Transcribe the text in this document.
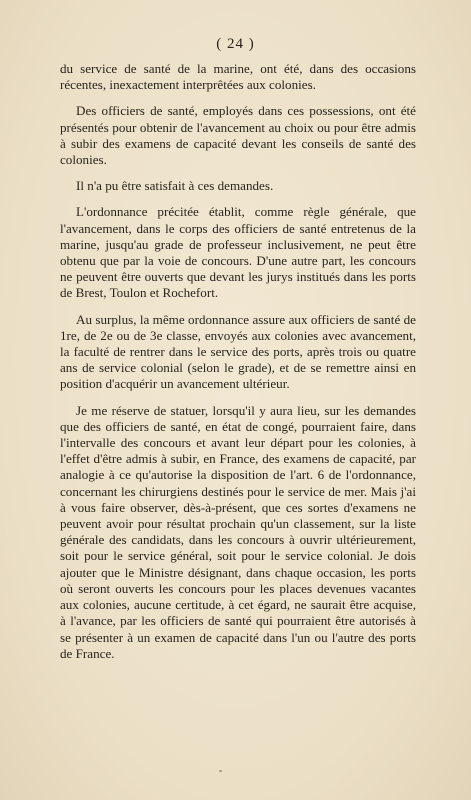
( 24 )

du service de santé de la marine, ont été, dans des occasions récentes, inexactement interprêtées aux colonies.

Des officiers de santé, employés dans ces possessions, ont été présentés pour obtenir de l'avancement au choix ou pour être admis à subir des examens de capacité devant les conseils de santé des colonies.

Il n'a pu être satisfait à ces demandes.

L'ordonnance précitée établit, comme règle générale, que l'avancement, dans le corps des officiers de santé entretenus de la marine, jusqu'au grade de professeur inclusivement, ne peut être obtenu que par la voie de concours. D'une autre part, les concours ne peuvent être ouverts que devant les jurys institués dans les ports de Brest, Toulon et Rochefort.

Au surplus, la même ordonnance assure aux officiers de santé de 1re, de 2e ou de 3e classe, envoyés aux colonies avec avancement, la faculté de rentrer dans le service des ports, après trois ou quatre ans de service colonial (selon le grade), et de se remettre ainsi en position d'acquérir un avancement ultérieur.

Je me réserve de statuer, lorsqu'il y aura lieu, sur les demandes que des officiers de santé, en état de congé, pourraient faire, dans l'intervalle des concours et avant leur départ pour les colonies, à l'effet d'être admis à subir, en France, des examens de capacité, par analogie à ce qu'autorise la disposition de l'art. 6 de l'ordonnance, concernant les chirurgiens destinés pour le service de mer. Mais j'ai à vous faire observer, dès-à-présent, que ces sortes d'examens ne peuvent avoir pour résultat prochain qu'un classement, sur la liste générale des candidats, dans les concours à ouvrir ultérieurement, soit pour le service général, soit pour le service colonial. Je dois ajouter que le Ministre désignant, dans chaque occasion, les ports où seront ouverts les concours pour les places devenues vacantes aux colonies, aucune certitude, à cet égard, ne saurait être acquise, à l'avance, par les officiers de santé qui pourraient être autorisés à se présenter à un examen de capacité dans l'un ou l'autre des ports de France.
